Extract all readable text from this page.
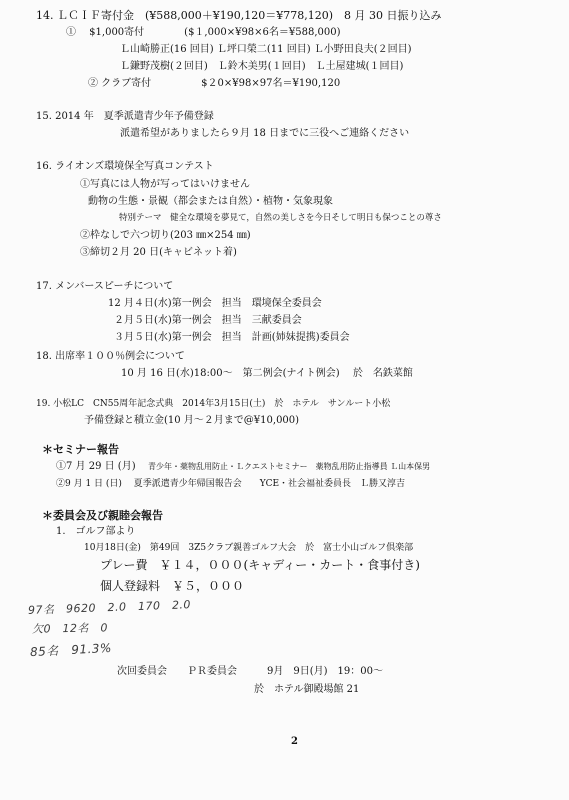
14. ＬＣＩＦ寄付金　(¥588,000＋¥190,120＝¥778,120)　8 月 30 日振り込み
①　 $1,000寄付　　　　($１,000×¥98×6名＝¥588,000)
Ｌ山崎勝正(16 回目) Ｌ坪口榮二(11 回目) Ｌ小野田良夫(２回目)
Ｌ鎌野茂樹(２回目)　Ｌ鈴木美男(１回目)　Ｌ土屋建城(１回目)
② クラブ寄付　　　　　$２0×¥98×97名＝¥190,120
15. 2014 年　夏季派遣青少年予備登録
派遣希望がありましたら９月 18 日までに三役へご連絡ください
16. ライオンズ環境保全写真コンテスト
①写真には人物が写ってはいけません
動物の生態・景観（都会または自然）・植物・気象現象
特別テーマ　健全な環境を夢見て，自然の美しさを今日そして明日も保つことの尊さ
②枠なしで六つ切り(203 ㎜×254 ㎜)
③締切２月 20 日(キャビネット着)
17. メンバースピーチについて
12 月４日(水)第一例会　担当　環境保全委員会
２月５日(水)第一例会　担当　三献委員会
３月５日(水)第一例会　担当　計画(姉妹提携)委員会
18. 出席率１００％例会について
10 月 16 日(水)18:00～　第二例会(ナイト例会)　 於　名鉄菜館
19. 小松LC　CN55周年記念式典　2014年3月15日(土)　於　ホテル　サンルート小松
予備登録と積立金(10 月～２月まで@¥10,000)
＊セミナー報告
①7 月 29 日 (月) 青少年・薬物乱用防止・Ｌクエストセミナー　薬物乱用防止指導員 Ｌ山本保男
②9 月 1 日 (日)　 夏季派遣青少年帰国報告会　　YCE・社会福祉委員長　Ｌ勝又淳吉
＊委員会及び親睦会報告
1.　ゴルフ部より
10月18日(金)　第49回　3Z5クラブ親善ゴルフ大会　於　富士小山ゴルフ倶楽部
プレー費　￥１４，０００(キャディー・カート・食事付き)
個人登録料　￥５，０００
97名　9620　2.0　170　2.0
欠0　12名　0
85名　91.3%
次回委員会　　ＰＲ委員会　　　9月　9日(月)　19：00～
於　ホテル御殿場館 21
2
